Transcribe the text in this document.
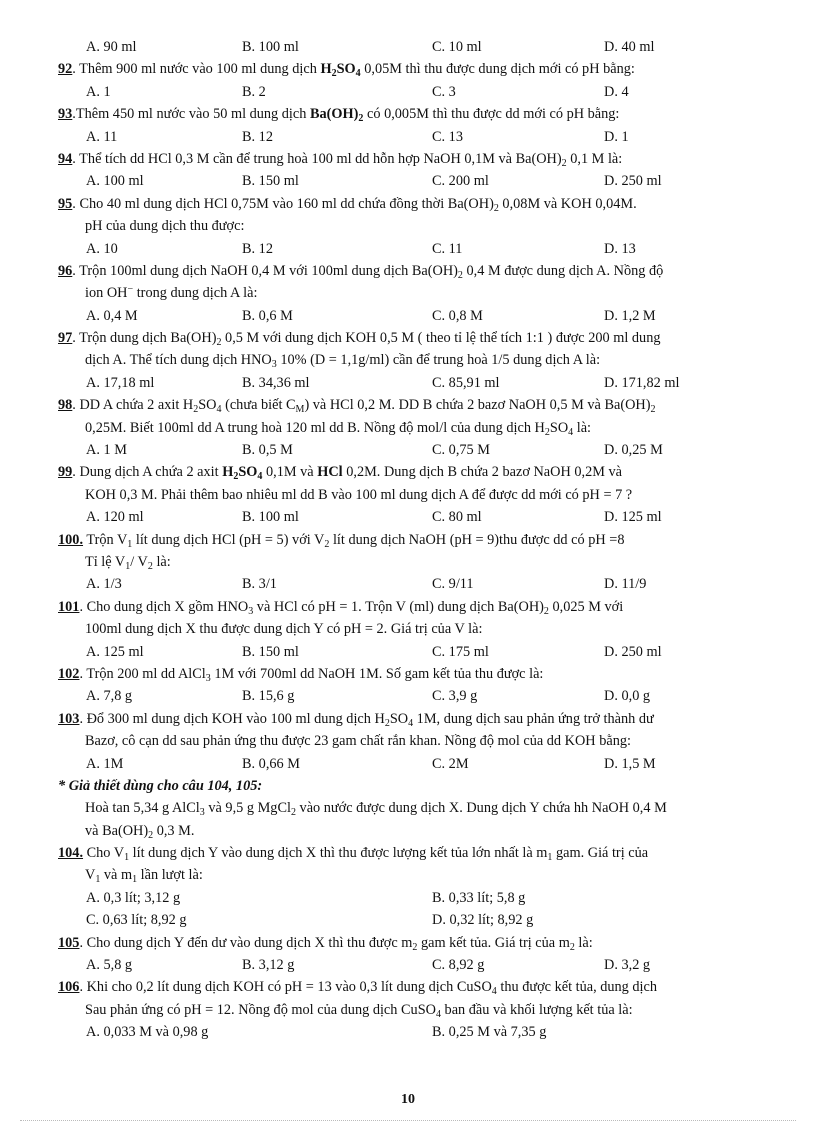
A. 90 ml	B. 100 ml	C. 10 ml	D. 40 ml
92. Thêm 900 ml nước vào 100 ml dung dịch $H_2SO_4$ 0,05M thì thu được dung dịch mới có pH bằng:
A. 1	B. 2	C. 3	D. 4
93.Thêm 450 ml nước vào 50 ml dung dịch $Ba(OH)_2$ có 0,005M thì thu được dd mới có pH bằng:
A. 11	B. 12	C. 13	D. 1
94. Thể tích dd HCl 0,3 M cần để trung hoà 100 ml dd hỗn hợp NaOH 0,1M và $Ba(OH)_2$ 0,1 M là:
A. 100 ml	B. 150 ml	C. 200 ml	D. 250 ml
95. Cho 40 ml dung dịch HCl 0,75M vào 160 ml dd chứa đồng thời $Ba(OH)_2$ 0,08M và KOH 0,04M.
pH của dung dịch thu được:
A. 10	B. 12	C. 11	D. 13
96. Trộn 100ml dung dịch NaOH 0,4 M với 100ml dung dịch $Ba(OH)_2$ 0,4 M được dung dịch A. Nồng độ
ion OH− trong dung dịch A là:
A. 0,4 M	B. 0,6 M	C. 0,8 M	D. 1,2 M
97. Trộn dung dịch $Ba(OH)_2$ 0,5 M với dung dịch KOH 0,5 M ( theo tỉ lệ thể tích 1:1 ) được 200 ml dung
dịch A. Thể tích dung dịch $HNO_3$ 10% (D = 1,1g/ml) cần để trung hoà 1/5 dung dịch A là:
A. 17,18 ml	B. 34,36 ml	C. 85,91 ml	D. 171,82 ml
98. DD A chứa 2 axit $H_2SO_4$ (chưa biết $C_M$) và HCl 0,2 M. DD B chứa 2 bazơ NaOH 0,5 M và $Ba(OH)_2$
0,25M. Biết 100ml dd A trung hoà 120 ml dd B. Nồng độ mol/l của dung dịch $H_2SO_4$ là:
A. 1 M	B. 0,5 M	C. 0,75 M	D. 0,25 M
99. Dung dịch A chứa 2 axit $H_2SO_4$ 0,1M và HCl 0,2M. Dung dịch B chứa 2 bazơ NaOH 0,2M và
KOH 0,3 M. Phải thêm bao nhiêu ml dd B vào 100 ml dung dịch A để được dd mới có pH = 7 ?
A. 120 ml	B. 100 ml	C. 80 ml	D. 125 ml
100. Trộn $V_1$ lít dung dịch HCl (pH = 5) với $V_2$ lít dung dịch NaOH (pH = 9)thu được dd có pH =8
Tỉ lệ $V_1/$ $V_2$ là:
A. 1/3	B. 3/1	C. 9/11	D. 11/9
101. Cho dung dịch X gồm $HNO_3$ và HCl có pH = 1. Trộn V (ml) dung dịch $Ba(OH)_2$ 0,025 M với
100ml dung dịch X thu được dung dịch Y có pH = 2. Giá trị của V là:
A. 125 ml	B. 150 ml	C. 175 ml	D. 250 ml
102. Trộn 200 ml dd AlCl$_3$ 1M với 700ml dd NaOH 1M. Số gam kết tủa thu được là:
A. 7,8 g	B. 15,6 g	C. 3,9 g	D. 0,0 g
103. Đổ 300 ml dung dịch KOH vào 100 ml dung dịch $H_2SO_4$ 1M, dung dịch sau phản ứng trở thành dư
Bazơ, cô cạn dd sau phản ứng thu được 23 gam chất rắn khan. Nồng độ mol của dd KOH bằng:
A. 1M	B. 0,66 M	C. 2M	D. 1,5 M
* Giả thiết dùng cho câu 104, 105:
Hoà tan 5,34 g AlCl$_3$ và 9,5 g MgCl$_2$ vào nước được dung dịch X. Dung dịch Y chứa hh NaOH 0,4 M
và $Ba(OH)_2$ 0,3 M.
104. Cho $V_1$ lít dung dịch Y vào dung dịch X thì thu được lượng kết tủa lớn nhất là $m_1$ gam. Giá trị của
$V_1$ và $m_1$ lần lượt là:
A. 0,3 lít; 3,12 g	B. 0,33 lít; 5,8 g
C. 0,63 lít; 8,92 g	D. 0,32 lít; 8,92 g
105. Cho dung dịch Y đến dư vào dung dịch X thì thu được $m_2$ gam kết tủa. Giá trị của $m_2$ là:
A. 5,8 g	B. 3,12 g	C. 8,92 g	D. 3,2 g
106. Khi cho 0,2 lít dung dịch KOH có pH = 13 vào 0,3 lít dung dịch CuSO$_4$ thu được kết tủa, dung dịch
Sau phản ứng có pH = 12. Nồng độ mol của dung dịch CuSO$_4$ ban đầu và khối lượng kết tủa là:
A. 0,033 M và 0,98 g	B. 0,25 M và 7,35 g
10
